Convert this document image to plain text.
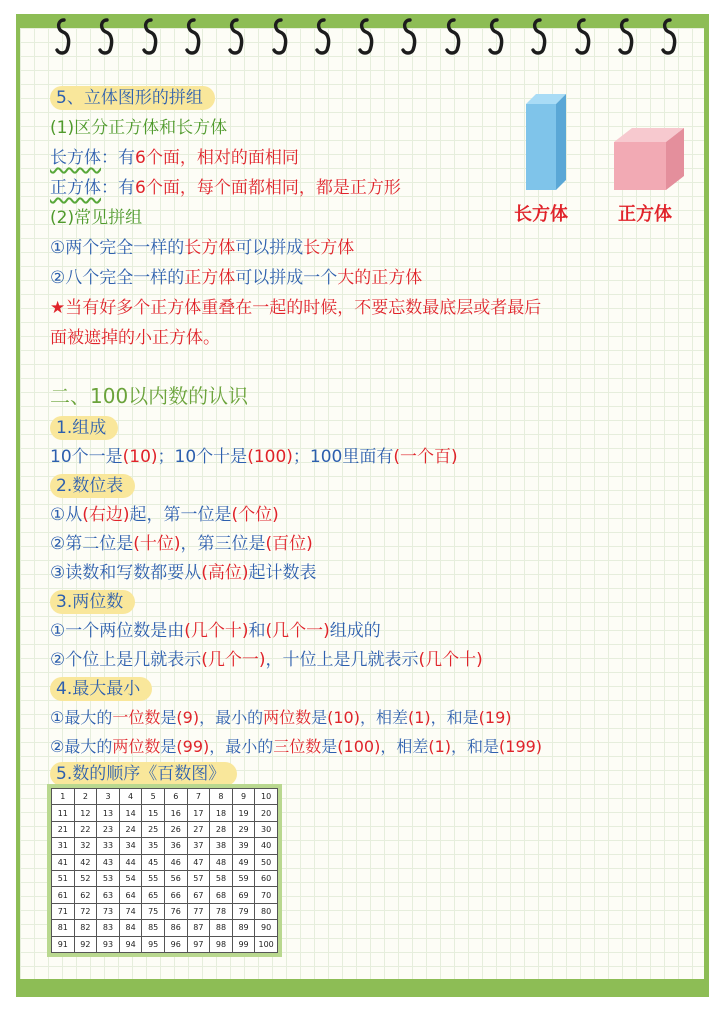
5、立体图形的拼组
(1)区分正方体和长方体
长方体：有6个面，相对的面相同
正方体：有6个面，每个面都相同，都是正方形
(2)常见拼组
①两个完全一样的长方体可以拼成长方体
②八个完全一样的正方体可以拼成一个大的正方体
★当有好多个正方体重叠在一起的时候，不要忘数最底层或者最后
面被遮掉的小正方体。
长方体	正方体
二、100以内数的认识
1.组成
10个一是(10)；10个十是(100)；100里面有(一个百)
2.数位表
①从(右边)起，第一位是(个位)
②第二位是(十位)，第三位是(百位)
③读数和写数都要从(高位)起计数表
3.两位数
①一个两位数是由(几个十)和(几个一)组成的
②个位上是几就表示(几个一)，十位上是几就表示(几个十)
4.最大最小
①最大的一位数是(9)，最小的两位数是(10)，相差(1)，和是(19)
②最大的两位数是(99)，最小的三位数是(100)，相差(1)，和是(199)
5.数的顺序《百数图》
1	2	3	4	5	6	7	8	9	10
11	12	13	14	15	16	17	18	19	20
21	22	23	24	25	26	27	28	29	30
31	32	33	34	35	36	37	38	39	40
41	42	43	44	45	46	47	48	49	50
51	52	53	54	55	56	57	58	59	60
61	62	63	64	65	66	67	68	69	70
71	72	73	74	75	76	77	78	79	80
81	82	83	84	85	86	87	88	89	90
91	92	93	94	95	96	97	98	99	100
